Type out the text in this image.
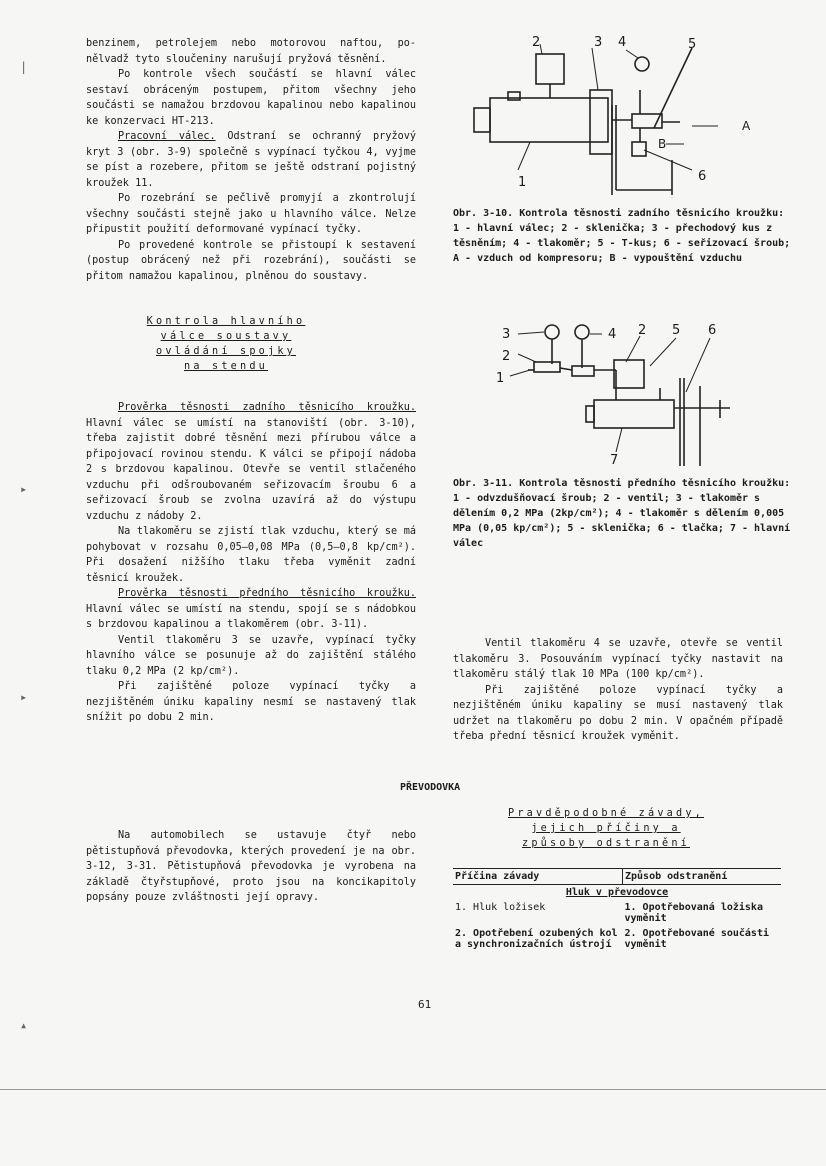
|
▸
▸
▴

benzinem, petrolejem nebo motorovou naftou, po-nělvadž tyto sloučeniny narušují pryžová těsnění.

Po kontrole všech součástí se hlavní válec sestaví obráceným postupem, přitom všechny jeho součásti se namažou brzdovou kapalinou nebo kapalinou ke konzervaci HT-213.

Pracovní válec. Odstraní se ochranný pryžový kryt 3 (obr. 3-9) společně s vypínací tyčkou 4, vyjme se píst a rozebere, přitom se ještě odstraní pojistný kroužek 11.

Po rozebrání se pečlivě promyjí a zkontrolují všechny součásti stejně jako u hlavního válce. Nelze připustit použití deformované vypínací tyčky.

Po provedené kontrole se přistoupí k sestavení (postup obrácený než při rozebrání), součásti se přitom namažou kapalinou, plněnou do soustavy.

Kontrola hlavního
válce soustavy
ovládání spojky
na stendu

Prověrka těsnosti zadního těsnicího kroužku. Hlavní válec se umístí na stanoviští (obr. 3-10), třeba zajistit dobré těsnění mezi přírubou válce a připojovací rovinou stendu. K válci se připojí nádoba 2 s brzdovou kapalinou. Otevře se ventil stlačeného vzduchu při odšroubovaném seřizovacím šroubu 6 a seřizovací šroub se zvolna uzavírá až do výstupu vzduchu z nádoby 2.

Na tlakoměru se zjistí tlak vzduchu, který se má pohybovat v rozsahu 0,05–0,08 MPa (0,5–0,8 kp/cm²). Při dosažení nižšího tlaku třeba vyměnit zadní těsnicí kroužek.

Prověrka těsnosti předního těsnicího kroužku. Hlavní válec se umístí na stendu, spojí se s nádobkou s brzdovou kapalinou a tlakoměrem (obr. 3-11).

Ventil tlakoměru 3 se uzavře, vypínací tyčky hlavního válce se posunuje až do zajištění stálého tlaku 0,2 MPa (2 kp/cm²).

Při zajištěné poloze vypínací tyčky a nezjištěném úniku kapaliny nesmí se nastavený tlak snížit po dobu 2 min.

2	3 4	5
A
B
6
1
Obr. 3-10. Kontrola těsnosti zadního těsnicího kroužku:
1 - hlavní válec; 2 - sklenička; 3 - přechodový kus z těsněním; 4 - tlakoměr; 5 - T-kus; 6 - seřizovací šroub; A - vzduch od kompresoru; B - vypouštění vzduchu
3
2
1
4 2 5 6
7
Obr. 3-11. Kontrola těsnosti předního těsnicího kroužku:
1 - odvzdušňovací šroub; 2 - ventil; 3 - tlakoměr s dělením 0,2 MPa (2kp/cm²); 4 - tlakoměr s dělením 0,005 MPa (0,05 kp/cm²); 5 - sklenička; 6 - tlačka; 7 - hlavní válec

Ventil tlakoměru 4 se uzavře, otevře se ventil tlakoměru 3. Posouváním vypínací tyčky nastavit na tlakoměru stálý tlak 10 MPa (100 kp/cm²).

Při zajištěné poloze vypínací tyčky a nezjištěném úniku kapaliny se musí nastavený tlak udržet na tlakoměru po dobu 2 min. V opačném případě třeba přední těsnicí kroužek vyměnit.

PŘEVODOVKA

Na automobilech se ustavuje čtyř nebo pětistupňová převodovka, kterých provedení je na obr. 3-12, 3-31. Pětistupňová převodovka je vyrobena na základě čtyřstupňové, proto jsou na koncikapitoly popsány pouze zvláštnosti její opravy.

Pravděpodobné závady,
jejich příčiny a
způsoby odstranění
Příčina závady	Způsob odstranění
Hluk v převodovce	
1. Hluk ložisek	1. Opotřebovaná ložiska vyměnit
2. Opotřebení ozubených kol a synchronizačních ústrojí	2. Opotřebované součásti vyměnit
61
